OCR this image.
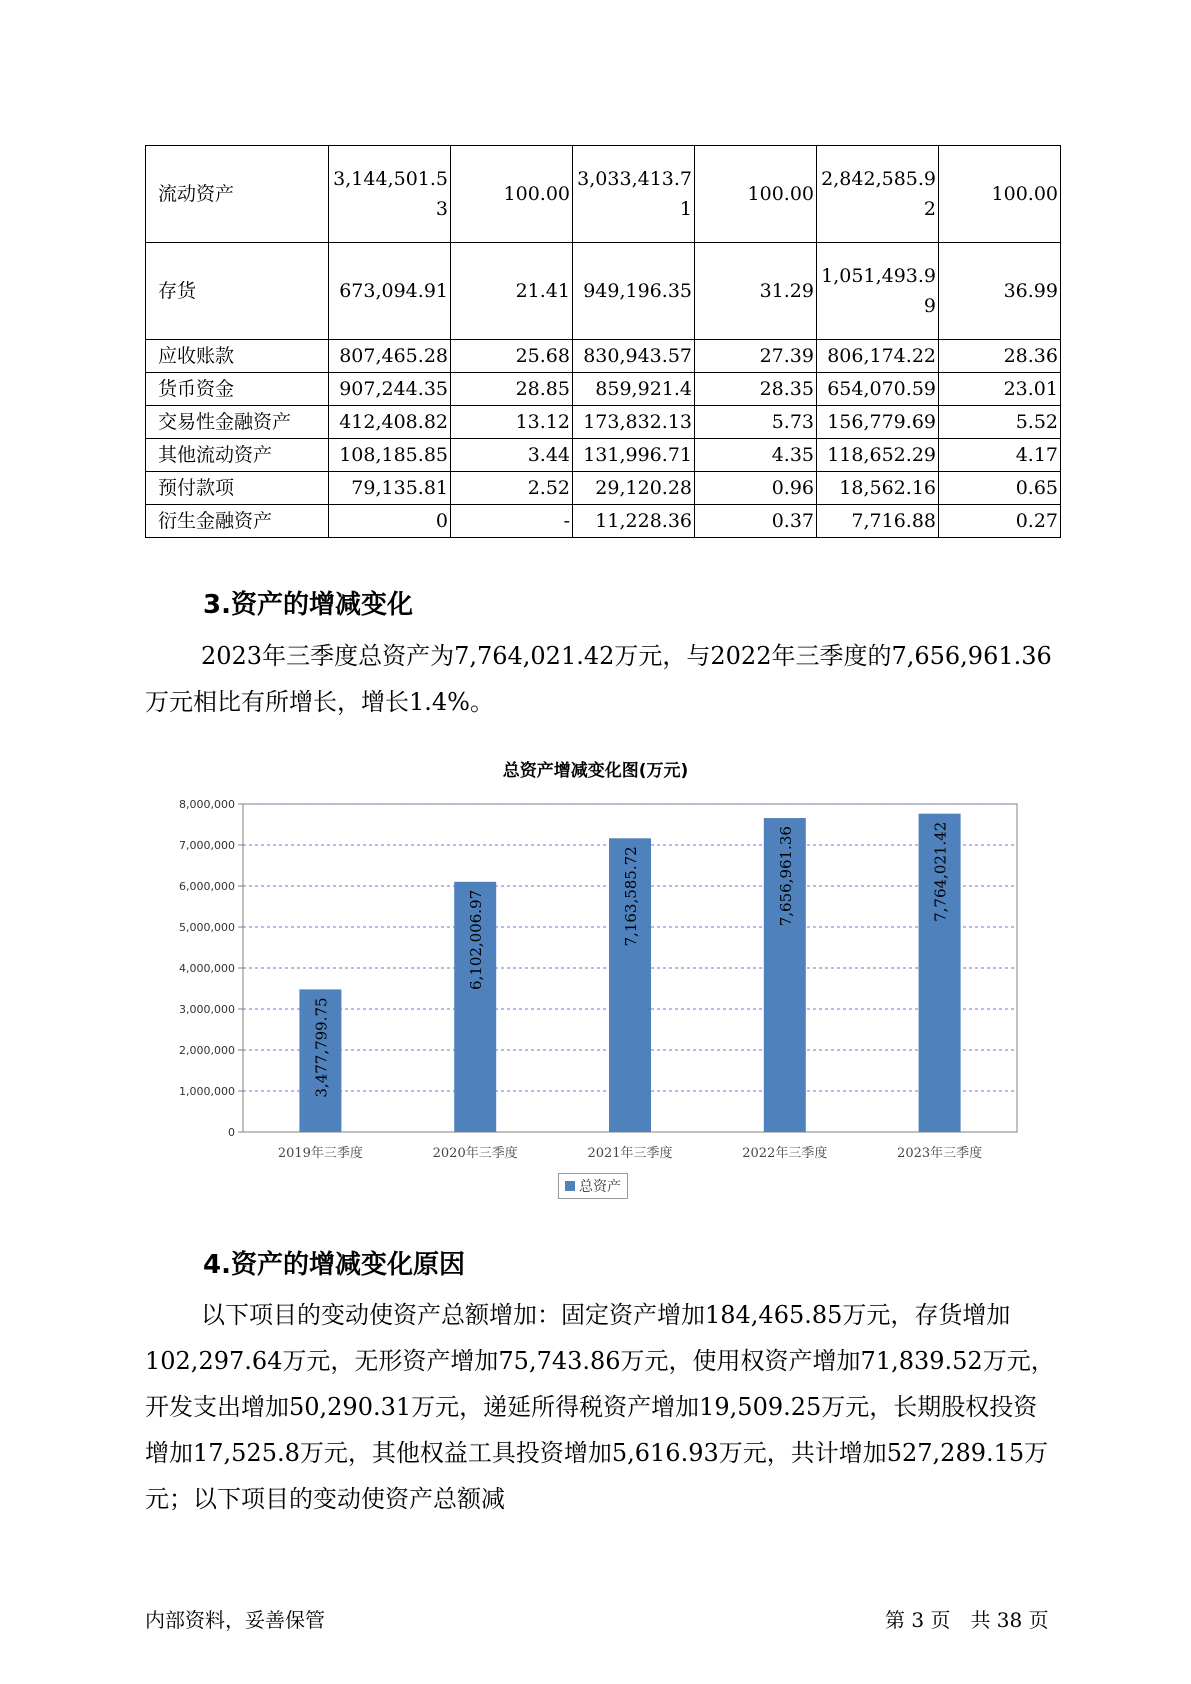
流动资产	3,144,501.53	100.00	3,033,413.71	100.00	2,842,585.92	100.00
存货	673,094.91	21.41	949,196.35	31.29	1,051,493.99	36.99
应收账款	807,465.28	25.68	830,943.57	27.39	806,174.22	28.36
货币资金	907,244.35	28.85	859,921.4	28.35	654,070.59	23.01
交易性金融资产	412,408.82	13.12	173,832.13	5.73	156,779.69	5.52
其他流动资产	108,185.85	3.44	131,996.71	4.35	118,652.29	4.17
预付款项	79,135.81	2.52	29,120.28	0.96	18,562.16	0.65
衍生金融资产	0	-	11,228.36	0.37	7,716.88	0.27
3.资产的增减变化

2023年三季度总资产为7,764,021.42万元，与2022年三季度的7,656,961.36万元相比有所增长，增长1.4%。

总资产增减变化图(万元)
0
1,000,000
2,000,000
3,000,000
4,000,000
5,000,000
6,000,000
7,000,000
8,000,000
2019年三季度
3,477,799.75
2020年三季度
6,102,006.97
2021年三季度
7,163,585.72
2022年三季度
7,656,961.36
2023年三季度
7,764,021.42
总资产
4.资产的增减变化原因

以下项目的变动使资产总额增加：固定资产增加184,465.85万元，存货增加102,297.64万元，无形资产增加75,743.86万元，使用权资产增加71,839.52万元，开发支出增加50,290.31万元，递延所得税资产增加19,509.25万元，长期股权投资增加17,525.8万元，其他权益工具投资增加5,616.93万元，共计增加527,289.15万元；以下项目的变动使资产总额减

内部资料，妥善保管	第 3 页　共 38 页
